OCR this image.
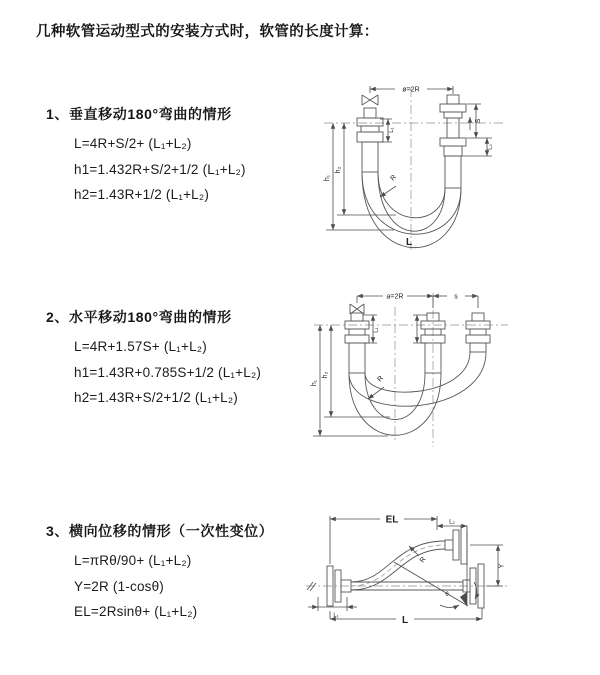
几种软管运动型式的安装方式时，软管的长度计算：
1、垂直移动180°弯曲的情形
L=4R+S/2+ (L₁+L₂)
h1=1.432R+S/2+1/2 (L₁+L₂)
h2=1.43R+1/2 (L₁+L₂)
2、水平移动180°弯曲的情形
L=4R+1.57S+ (L₁+L₂)
h1=1.43R+0.785S+1/2 (L₁+L₂)
h2=1.43R+S/2+1/2 (L₁+L₂)
3、横向位移的情形（一次性变位）
L=πRθ/90+ (L₁+L₂)
Y=2R (1-cosθ)
EL=2Rsinθ+ (L₁+L₂)
ø=2R
h₁
h₂
L₁
S
L₂
R
L
a=2R	s
h₁
h₂
L₁
R
θ
R
EL	L₂
Y
L₁	L
